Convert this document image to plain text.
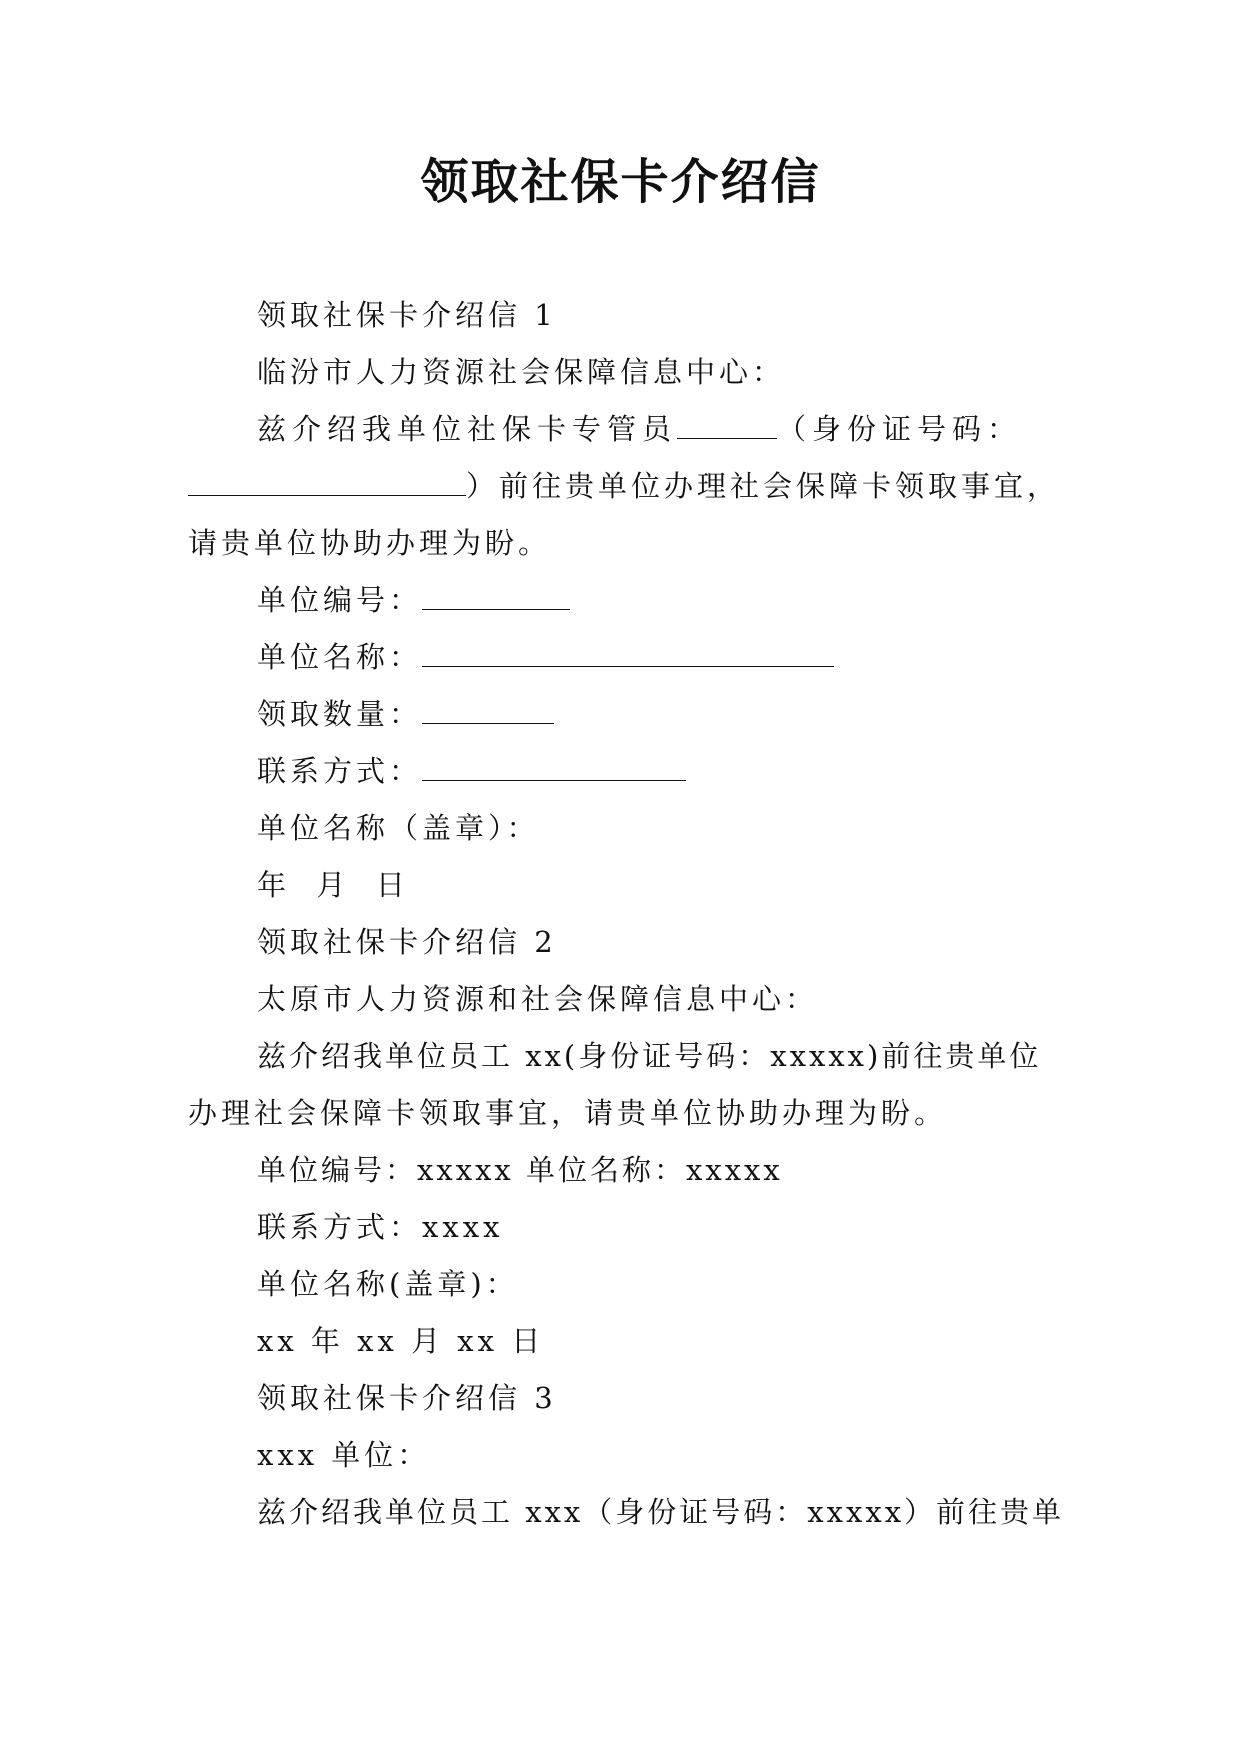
领取社保卡介绍信
领取社保卡介绍信 1
临汾市人力资源社会保障信息中心：
兹介绍我单位社保卡专管员	（身份证号码：
）前往贵单位办理社会保障卡领取事宜，
请贵单位协助办理为盼。
单位编号：
单位名称：
领取数量：
联系方式：
单位名称（盖章）：
年  月  日
领取社保卡介绍信 2
太原市人力资源和社会保障信息中心：
兹介绍我单位员工 xx(身份证号码：xxxxx)前往贵单位
办理社会保障卡领取事宜，请贵单位协助办理为盼。
单位编号：xxxxx 单位名称：xxxxx
联系方式：xxxx
单位名称(盖章)：
xx 年 xx 月 xx 日
领取社保卡介绍信 3
xxx 单位：
兹介绍我单位员工 xxx（身份证号码：xxxxx）前往贵单
